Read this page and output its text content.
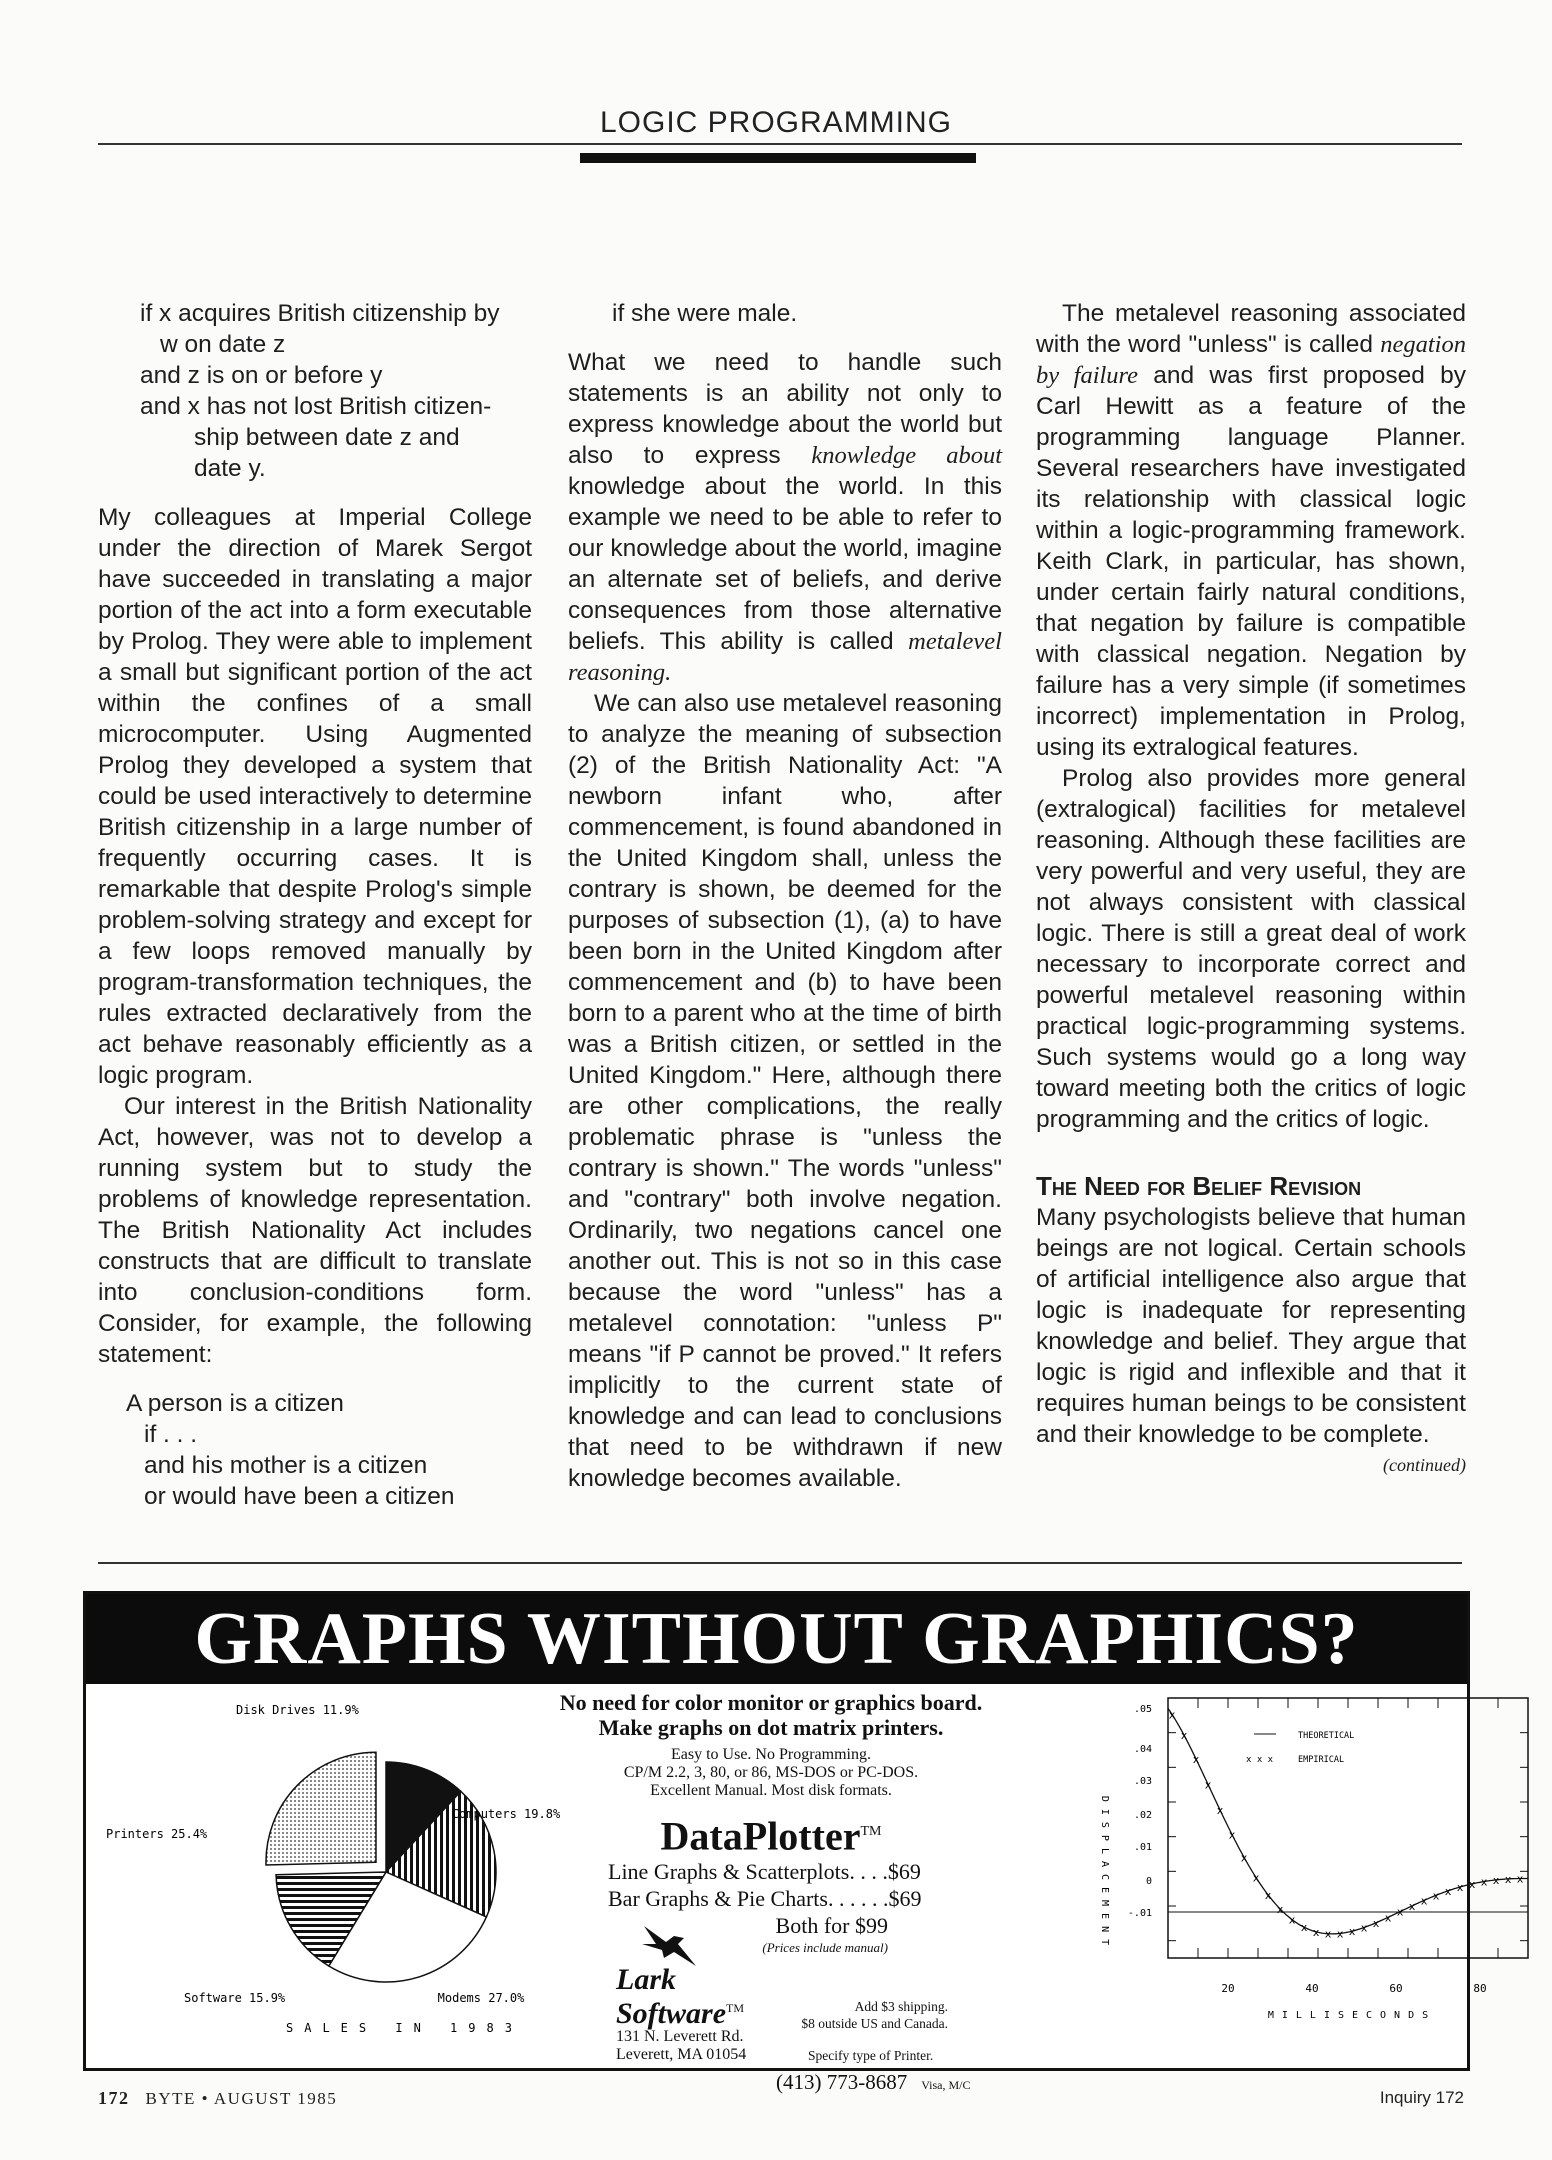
LOGIC PROGRAMMING
if x acquires British citizenship by
w on date z
and z is on or before y
and x has not lost British citizen-
ship between date z and
date y.

My colleagues at Imperial College under the direction of Marek Sergot have succeeded in translating a major portion of the act into a form executable by Prolog. They were able to implement a small but significant portion of the act within the confines of a small microcomputer. Using Augmented Prolog they developed a system that could be used interactively to determine British citizenship in a large number of frequently occurring cases. It is remarkable that despite Prolog's simple problem-solving strategy and except for a few loops removed manually by program-transformation techniques, the rules extracted declaratively from the act behave reasonably efficiently as a logic program.

Our interest in the British Nationality Act, however, was not to develop a running system but to study the problems of knowledge representation. The British Nationality Act includes constructs that are difficult to translate into conclusion-conditions form. Consider, for example, the following statement:

A person is a citizen
if . . .
and his mother is a citizen
or would have been a citizen

if she were male.

What we need to handle such statements is an ability not only to express knowledge about the world but also to express knowledge about knowledge about the world. In this example we need to be able to refer to our knowledge about the world, imagine an alternate set of beliefs, and derive consequences from those alternative beliefs. This ability is called metalevel reasoning.

We can also use metalevel reasoning to analyze the meaning of subsection (2) of the British Nationality Act: "A newborn infant who, after commencement, is found abandoned in the United Kingdom shall, unless the contrary is shown, be deemed for the purposes of subsection (1), (a) to have been born in the United Kingdom after commencement and (b) to have been born to a parent who at the time of birth was a British citizen, or settled in the United Kingdom." Here, although there are other complications, the really problematic phrase is "unless the contrary is shown." The words "unless" and "contrary" both involve negation. Ordinarily, two negations cancel one another out. This is not so in this case because the word "unless" has a metalevel connotation: "unless P" means "if P cannot be proved." It refers implicitly to the current state of knowledge and can lead to conclusions that need to be withdrawn if new knowledge becomes available.

The metalevel reasoning associated with the word "unless" is called negation by failure and was first proposed by Carl Hewitt as a feature of the programming language Planner. Several researchers have investigated its relationship with classical logic within a logic-programming framework. Keith Clark, in particular, has shown, under certain fairly natural conditions, that negation by failure is compatible with classical negation. Negation by failure has a very simple (if sometimes incorrect) implementation in Prolog, using its extralogical features.

Prolog also provides more general (extralogical) facilities for metalevel reasoning. Although these facilities are very powerful and very useful, they are not always consistent with classical logic. There is still a great deal of work necessary to incorporate correct and powerful metalevel reasoning within practical logic-programming systems. Such systems would go a long way toward meeting both the critics of logic programming and the critics of logic.

The Need for Belief Revision

Many psychologists believe that human beings are not logical. Certain schools of artificial intelligence also argue that logic is inadequate for representing knowledge and belief. They argue that logic is rigid and inflexible and that it requires human beings to be consistent and their knowledge to be complete.

(continued)

GRAPHS WITHOUT GRAPHICS?
Disk Drives 11.9%
Computers 19.8%
Printers 25.4%
Software 15.9%	Modems 27.0%
SALES IN 1983
No need for color monitor or graphics board.
Make graphs on dot matrix printers.
Easy to Use. No Programming.
CP/M 2.2, 3, 80, or 86, MS-DOS or PC-DOS.
Excellent Manual. Most disk formats.
DataPlotter™
Line Graphs & Scatterplots. . . .$69
Bar Graphs & Pie Charts. . . . . .$69
Both for $99
(Prices include manual)
Lark
Software™
131 N. Leverett Rd.
Leverett, MA 01054
Add $3 shipping.
$8 outside US and Canada.
Specify type of Printer.
(413) 773-8687 Visa, M/C
DISPLACEMENT
x
x
x
x
x
x
x
x
x
x
x
x x x x x x x x x x x x x x x x x x x
THEORETICAL
x x x	EMPIRICAL
20	40	60	80
MILLISECONDS
.05
.04
.03
.02
.01
0
-.01
172 BYTE • AUGUST 1985	Inquiry 172
